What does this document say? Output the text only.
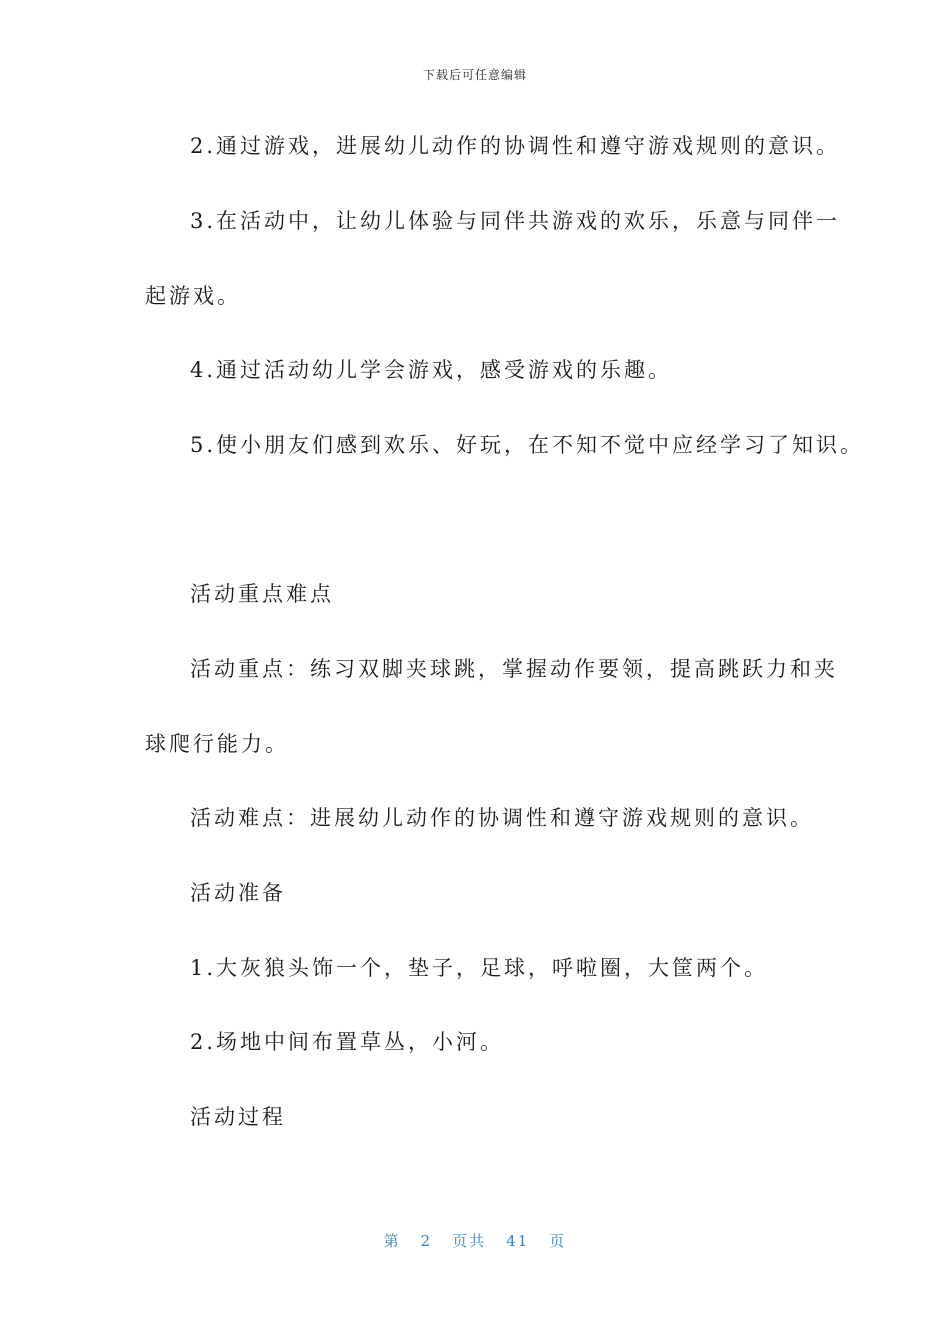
下载后可任意编辑
2.通过游戏，进展幼儿动作的协调性和遵守游戏规则的意识。
3.在活动中，让幼儿体验与同伴共游戏的欢乐，乐意与同伴一
起游戏。
4.通过活动幼儿学会游戏，感受游戏的乐趣。
5.使小朋友们感到欢乐、好玩，在不知不觉中应经学习了知识。
活动重点难点
活动重点：练习双脚夹球跳，掌握动作要领，提高跳跃力和夹
球爬行能力。
活动难点：进展幼儿动作的协调性和遵守游戏规则的意识。
活动准备
1.大灰狼头饰一个，垫子，足球，呼啦圈，大筐两个。
2.场地中间布置草丛，小河。
活动过程
第 2 页共 41 页
